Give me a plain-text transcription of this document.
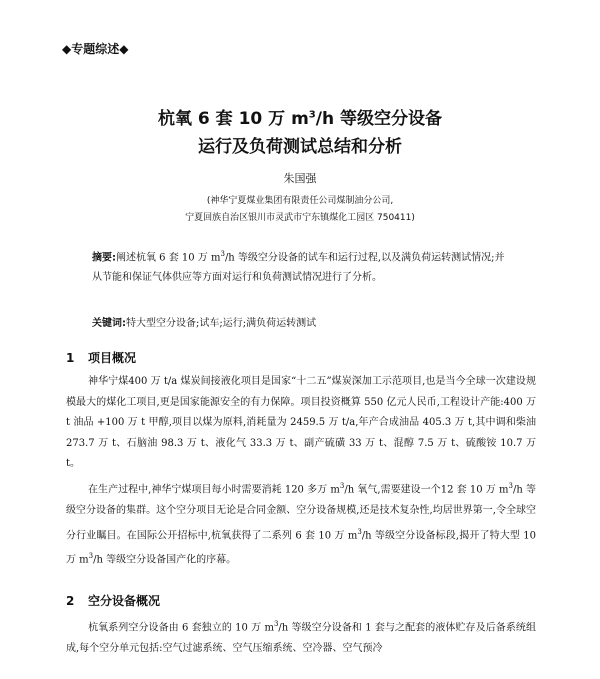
◆专题综述◆
杭氧 6 套 10 万 $m^3/h$ 等级空分设备
运行及负荷测试总结和分析
朱国强
(神华宁夏煤业集团有限责任公司煤制油分公司,
宁夏回族自治区银川市灵武市宁东镇煤化工园区 750411)
摘要:阐述杭氧 6 套 10 万 $m^3/h$ 等级空分设备的试车和运行过程,以及满负荷运转测试情况;并从节能和保证气体供应等方面对运行和负荷测试情况进行了分析。
关键词:特大型空分设备;试车;运行;满负荷运转测试
1 项目概况
神华宁煤400 万 t/a 煤炭间接液化项目是国家“十二五”煤炭深加工示范项目,也是当今全球一次建设规模最大的煤化工项目,更是国家能源安全的有力保障。项目投资概算 550 亿元人民币,工程设计产能:400 万 t 油品 +100 万 t 甲醇,项目以煤为原料,消耗量为 2459.5 万 t/a,年产合成油品 405.3 万 t,其中调和柴油 273.7 万 t、石脑油 98.3 万 t、液化气 33.3 万 t、副产硫磺 33 万 t、混醇 7.5 万 t、硫酸铵 10.7 万 t。
在生产过程中,神华宁煤项目每小时需要消耗 120 多万 $m^3/h$ 氧气,需要建设一个12 套 10 万 $m^3/h$ 等级空分设备的集群。这个空分项目无论是合同金额、空分设备规模,还是技术复杂性,均居世界第一,令全球空分行业瞩目。在国际公开招标中,杭氧获得了二系列 6 套 10 万 $m^3/h$ 等级空分设备标段,揭开了特大型 10 万 $m^3/h$ 等级空分设备国产化的序幕。
2 空分设备概况
杭氧系列空分设备由 6 套独立的 10 万 $m^3/h$ 等级空分设备和 1 套与之配套的液体贮存及后备系统组成,每个空分单元包括:空气过滤系统、空气压缩系统、空冷器、空气预冷
